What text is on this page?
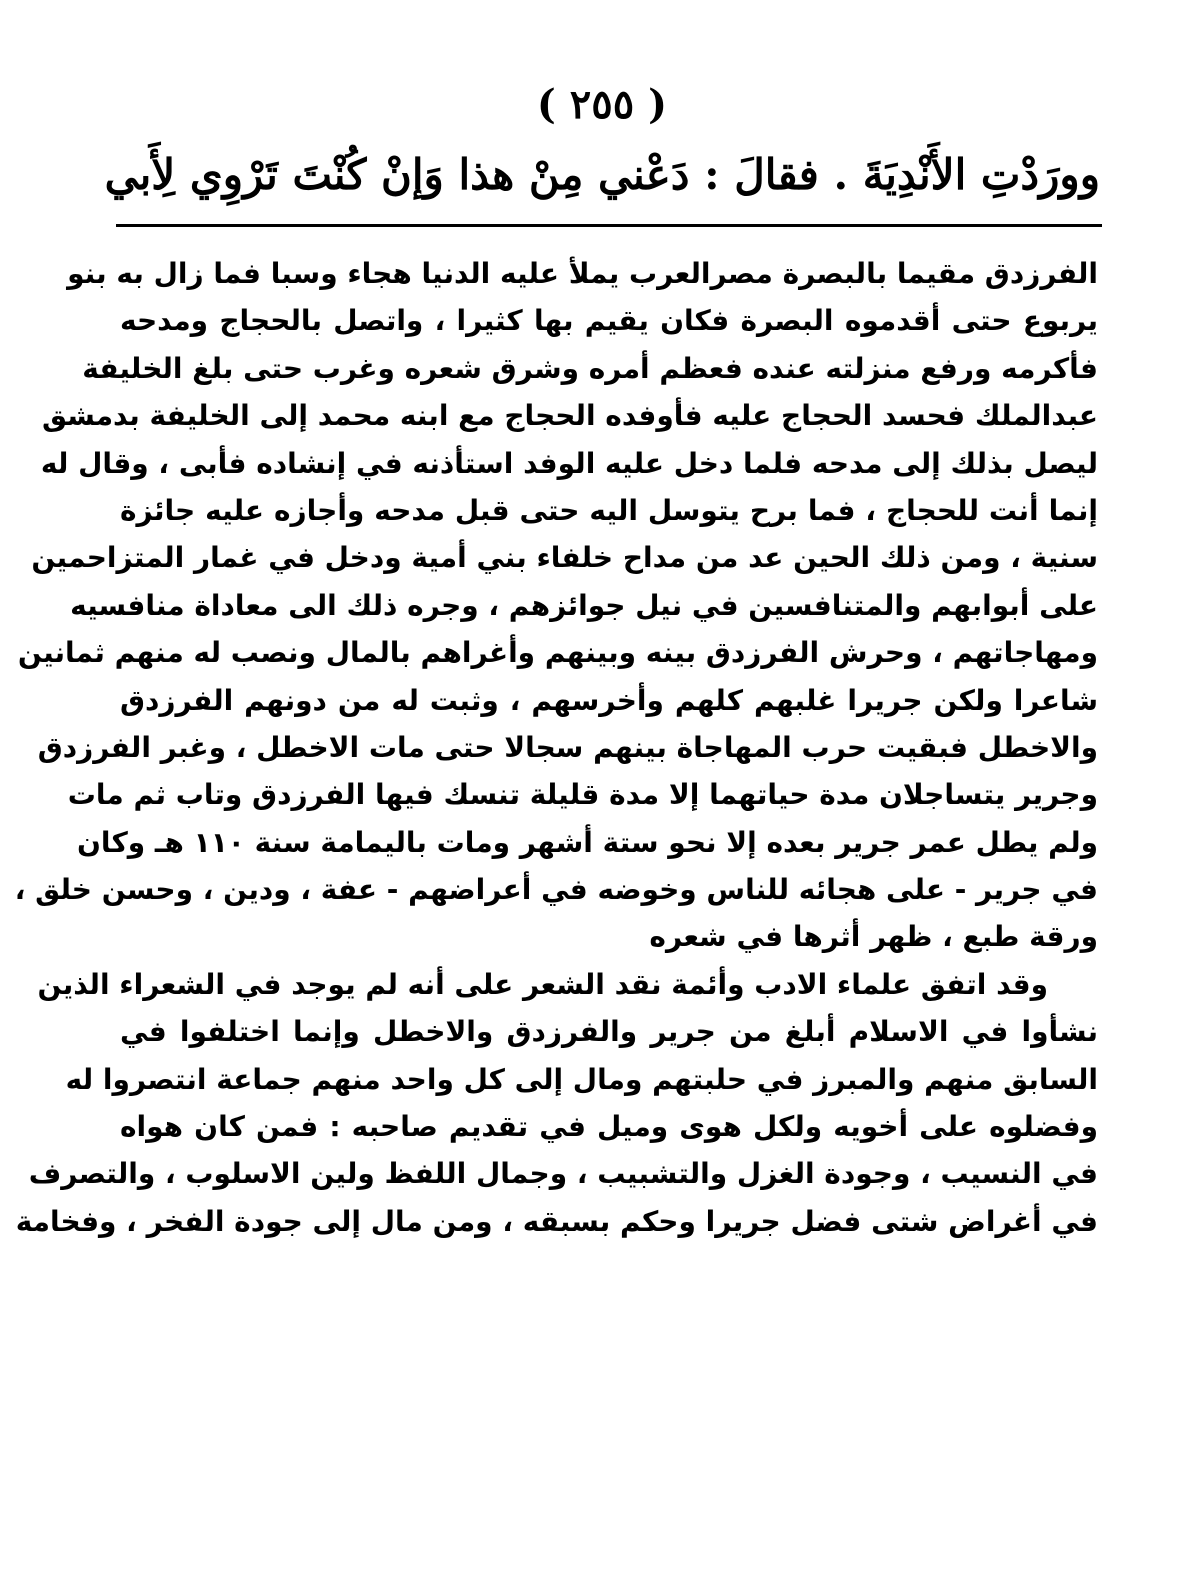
( ٢٥٥ )
وورَدْتِ الأَنْدِيَةَ . فقالَ : دَعْني مِنْ هذا وَإنْ كُنْتَ تَرْوِي لِأَبي
الفرزدق مقيما بالبصرة مصرالعرب يملأ عليه الدنيا هجاء وسبا فما زال به بنو
يربوع حتى أقدموه البصرة فكان يقيم بها كثيرا ، واتصل بالحجاج ومدحه
فأكرمه ورفع منزلته عنده فعظم أمره وشرق شعره وغرب حتى بلغ الخليفة
عبدالملك فحسد الحجاج عليه فأوفده الحجاج مع ابنه محمد إلى الخليفة بدمشق
ليصل بذلك إلى مدحه فلما دخل عليه الوفد استأذنه في إنشاده فأبى ، وقال له
إنما أنت للحجاج ، فما برح يتوسل اليه حتى قبل مدحه وأجازه عليه جائزة
سنية ، ومن ذلك الحين عد من مداح خلفاء بني أمية ودخل في غمار المتزاحمين
على أبوابهم والمتنافسين في نيل جوائزهم ، وجره ذلك الى معاداة منافسيه
ومهاجاتهم ، وحرش الفرزدق بينه وبينهم وأغراهم بالمال ونصب له منهم ثمانين
شاعرا ولكن جريرا غلبهم كلهم وأخرسهم ، وثبت له من دونهم الفرزدق
والاخطل فبقيت حرب المهاجاة بينهم سجالا حتى مات الاخطل ، وغبر الفرزدق
وجرير يتساجلان مدة حياتهما إلا مدة قليلة تنسك فيها الفرزدق وتاب ثم مات
ولم يطل عمر جرير بعده إلا نحو ستة أشهر ومات باليمامة سنة ١١٠ هـ وكان
في جرير - على هجائه للناس وخوضه في أعراضهم - عفة ، ودين ، وحسن خلق ،
ورقة طبع ، ظهر أثرها في شعره
وقد اتفق علماء الادب وأئمة نقد الشعر على أنه لم يوجد في الشعراء الذين
نشأوا في الاسلام أبلغ من جرير والفرزدق والاخطل وإنما اختلفوا في
السابق منهم والمبرز في حلبتهم ومال إلى كل واحد منهم جماعة انتصروا له
وفضلوه على أخويه ولكل هوى وميل في تقديم صاحبه : فمن كان هواه
في النسيب ، وجودة الغزل والتشبيب ، وجمال اللفظ ولين الاسلوب ، والتصرف
في أغراض شتى فضل جريرا وحكم بسبقه ، ومن مال إلى جودة الفخر ، وفخامة
